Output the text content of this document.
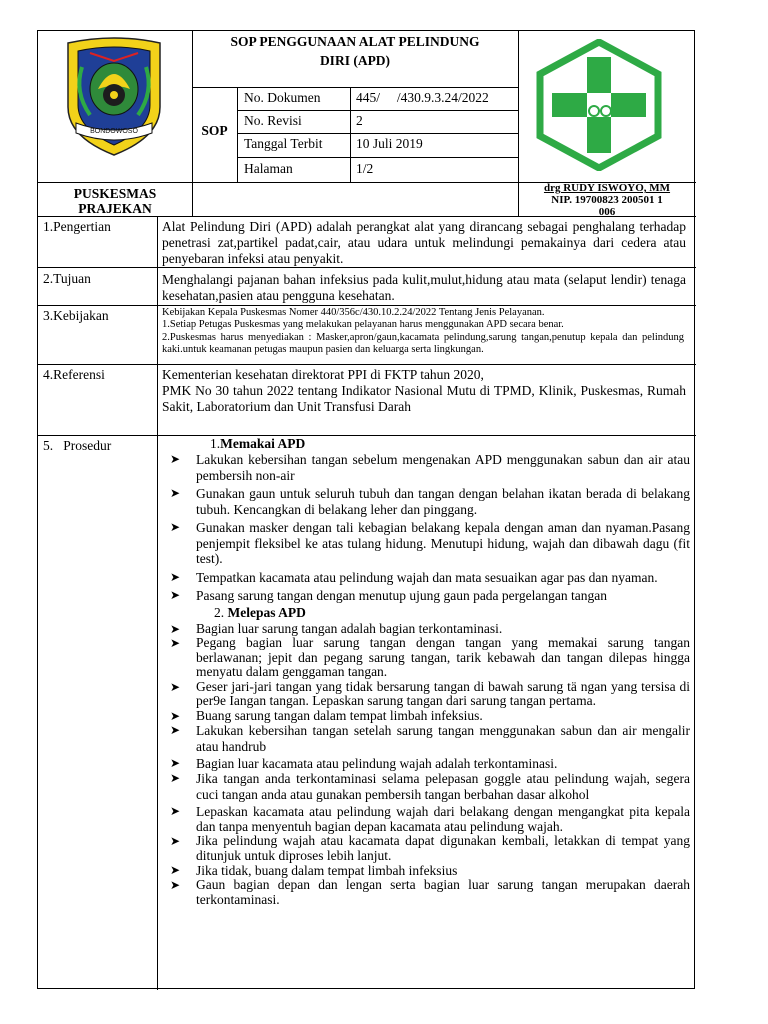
BONDOWOSO
SOP PENGGUNAAN ALAT PELINDUNG
DIRI (APD)
SOP
No. Dokumen	445/     /430.9.3.24/2022
No. Revisi	2
Tanggal Terbit 10 Juli 2019
Halaman	1/2
PUSKESMAS
PRAJEKAN
drg RUDY ISWOYO, MM
NIP. 19700823 200501 1
006
1.Pengertian	Alat Pelindung Diri (APD) adalah perangkat alat yang dirancang sebagai penghalang terhadap penetrasi zat,partikel padat,cair, atau udara untuk melindungi pemakainya dari cedera atau penyebaran infeksi atau penyakit.
2.Tujuan	Menghalangi pajanan bahan infeksius pada kulit,mulut,hidung atau mata (selaput lendir) tenaga kesehatan,pasien atau pengguna kesehatan.
3.Kebijakan	Kebijakan Kepala Puskesmas Nomer 440/356c/430.10.2.24/2022 Tentang Jenis Pelayanan.
1.Setiap Petugas Puskesmas yang melakukan pelayanan harus menggunakan APD secara benar.
2.Puskesmas harus menyediakan : Masker,apron/gaun,kacamata pelindung,sarung tangan,penutup kepala dan pelindung kaki.untuk keamanan petugas maupun pasien dan keluarga serta lingkungan.
4.Referensi	Kementerian kesehatan direktorat PPI di FKTP tahun 2020,
PMK No 30 tahun 2022 tentang Indikator Nasional Mutu di TPMD, Klinik, Puskesmas, Rumah Sakit, Laboratorium dan Unit Transfusi Darah
5.   Prosedur	1.Memakai APD
➤ Lakukan kebersihan tangan sebelum mengenakan APD menggunakan sabun dan air atau pembersih non-air
➤ Gunakan gaun untuk seluruh tubuh dan tangan dengan belahan ikatan berada di belakang tubuh. Kencangkan di belakang leher dan pinggang.
➤ Gunakan masker dengan tali kebagian belakang kepala dengan aman dan nyaman.Pasang penjempit fleksibel ke atas tulang hidung. Menutupi hidung, wajah dan dibawah dagu (fit test).
➤ Tempatkan kacamata atau pelindung wajah dan mata sesuaikan agar pas dan nyaman.
➤ Pasang sarung tangan dengan menutup ujung gaun pada pergelangan tangan
2. Melepas APD
➤ Bagian luar sarung tangan adalah bagian terkontaminasi.
➤ Pegang bagian luar sarung tangan dengan tangan yang memakai sarung tangan berlawanan; jepit dan pegang sarung tangan, tarik kebawah dan tangan dilepas hingga menyatu dalam genggaman tangan.
➤ Geser jari-jari tangan yang tidak bersarung tangan di bawah sarung tä ngan yang tersisa di per9e Iangan tangan. Lepaskan sarung tangan dari sarung tangan pertama.
➤ Buang sarung tangan dalam tempat limbah infeksius.
➤ Lakukan kebersihan tangan setelah sarung tangan menggunakan sabun dan air mengalir atau handrub
➤ Bagian luar kacamata atau pelindung wajah adalah terkontaminasi.
➤ Jika tangan anda terkontaminasi selama pelepasan goggle atau pelindung wajah, segera cuci tangan anda atau gunakan pembersih tangan berbahan dasar alkohol
➤ Lepaskan kacamata atau pelindung wajah dari belakang dengan mengangkat pita kepala dan tanpa menyentuh bagian depan kacamata atau pelindung wajah.
➤ Jika pelindung wajah atau kacamata dapat digunakan kembali, letakkan di tempat yang ditunjuk untuk diproses lebih lanjut.
➤ Jika tidak, buang dalam tempat limbah infeksius
➤ Gaun bagian depan dan lengan serta bagian luar sarung tangan merupakan daerah terkontaminasi.
